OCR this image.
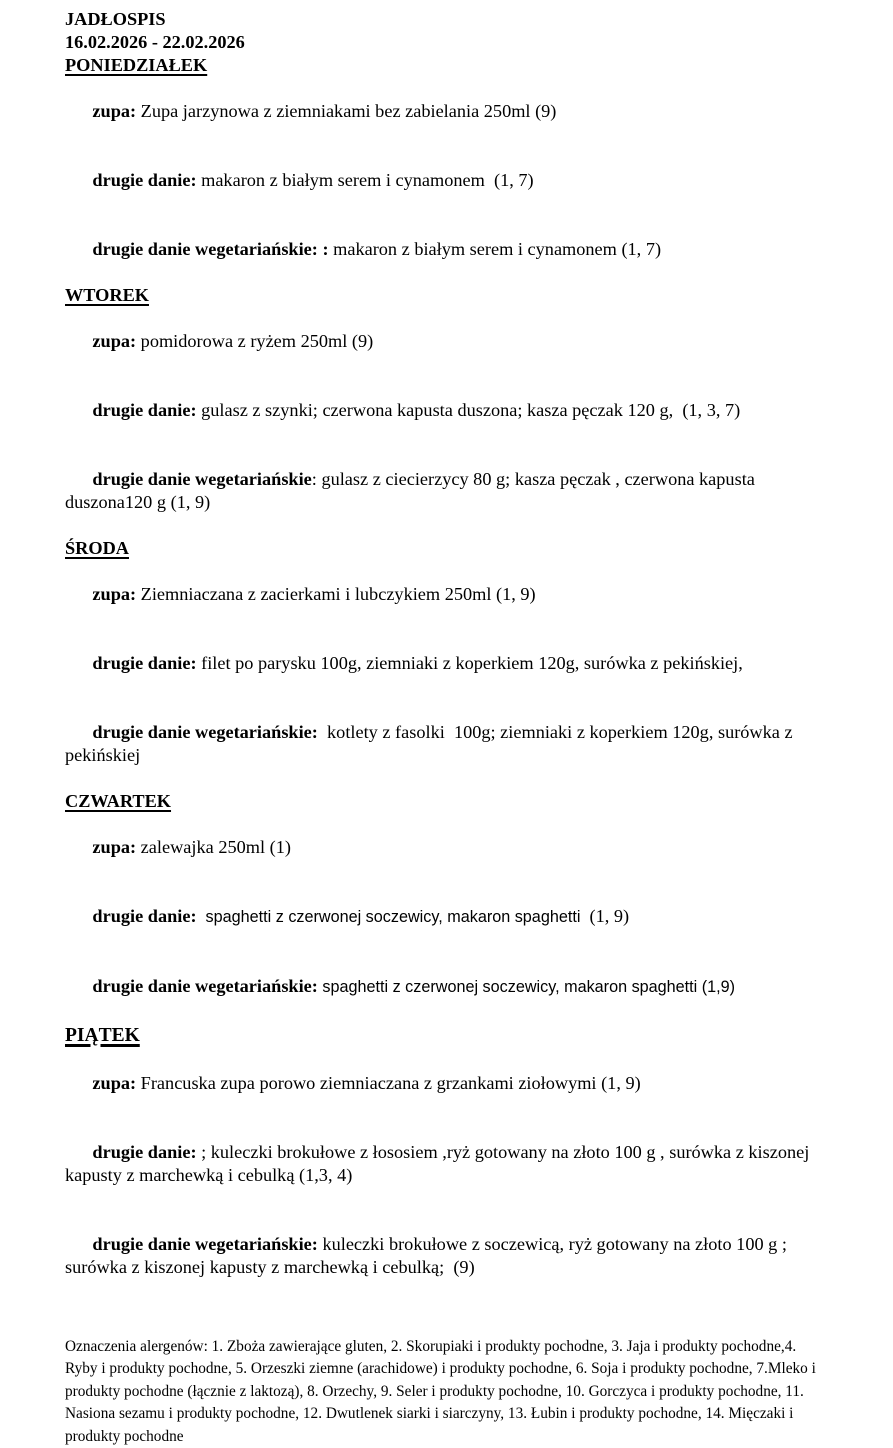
JADŁOSPIS
16.02.2026 - 22.02.2026
PONIEDZIAŁEK

zupa: Zupa jarzynowa z ziemniakami bez zabielania 250ml (9)

drugie danie: makaron z białym serem i cynamonem  (1, 7)

drugie danie wegetariańskie: : makaron z białym serem i cynamonem (1, 7)

WTOREK

zupa: pomidorowa z ryżem 250ml (9)

drugie danie: gulasz z szynki; czerwona kapusta duszona; kasza pęczak 120 g,  (1, 3, 7)

drugie danie wegetariańskie: gulasz z ciecierzycy 80 g; kasza pęczak , czerwona kapusta duszona120 g (1, 9)

ŚRODA

zupa: Ziemniaczana z zacierkami i lubczykiem 250ml (1, 9)

drugie danie: filet po parysku 100g, ziemniaki z koperkiem 120g, surówka z pekińskiej,

drugie danie wegetariańskie:  kotlety z fasolki  100g; ziemniaki z koperkiem 120g, surówka z pekińskiej

CZWARTEK

zupa: zalewajka 250ml (1)

drugie danie:  spaghetti z czerwonej soczewicy, makaron spaghetti  (1, 9)

drugie danie wegetariańskie: spaghetti z czerwonej soczewicy, makaron spaghetti (1,9)

PIĄTEK

zupa: Francuska zupa porowo ziemniaczana z grzankami ziołowymi (1, 9)

drugie danie: ; kuleczki brokułowe z łososiem ,ryż gotowany na złoto 100 g , surówka z kiszonej kapusty z marchewką i cebulką (1,3, 4)

drugie danie wegetariańskie: kuleczki brokułowe z soczewicą, ryż gotowany na złoto 100 g ; surówka z kiszonej kapusty z marchewką i cebulką;  (9)

Oznaczenia alergenów: 1. Zboża zawierające gluten, 2. Skorupiaki i produkty pochodne, 3. Jaja i produkty pochodne,4. Ryby i produkty pochodne, 5. Orzeszki ziemne (arachidowe) i produkty pochodne, 6. Soja i produkty pochodne, 7.Mleko i produkty pochodne (łącznie z laktozą), 8. Orzechy, 9. Seler i produkty pochodne, 10. Gorczyca i produkty pochodne, 11. Nasiona sezamu i produkty pochodne, 12. Dwutlenek siarki i siarczyny, 13. Łubin i produkty pochodne, 14. Mięczaki i produkty pochodne
